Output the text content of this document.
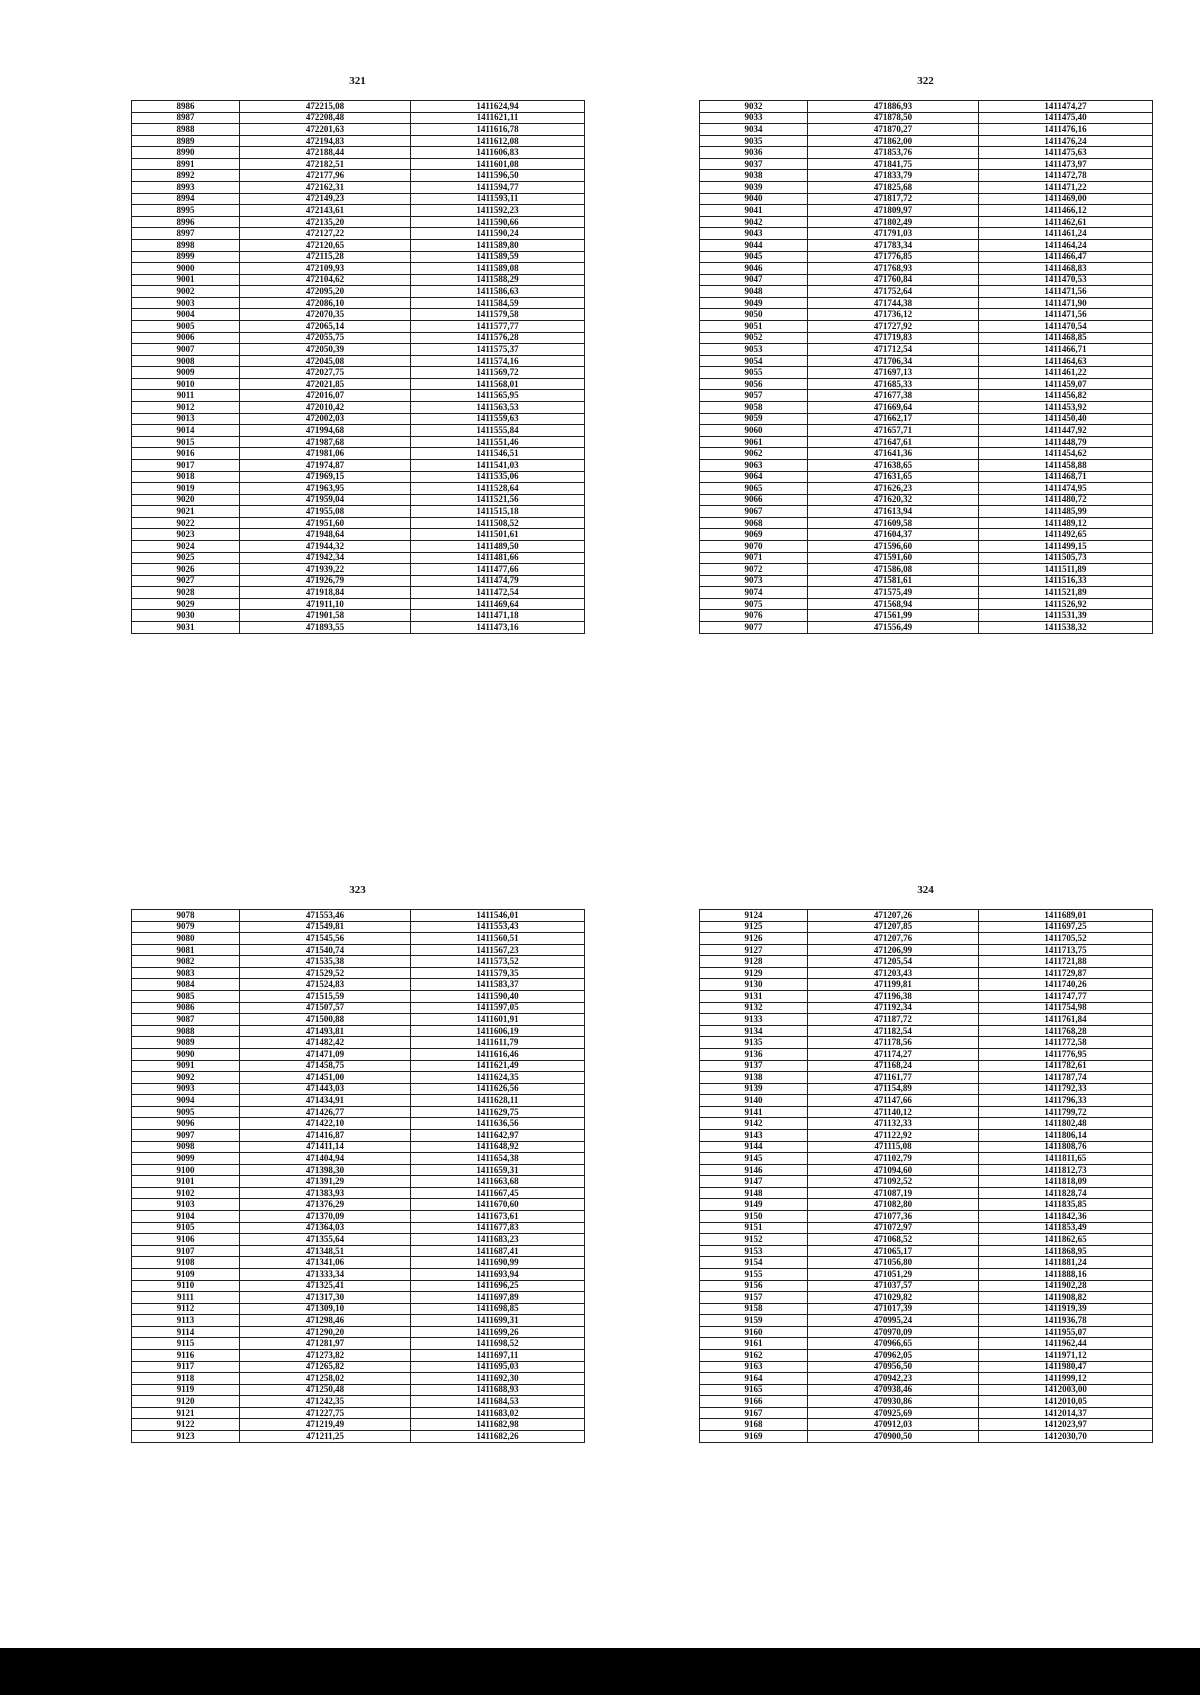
321
8986	472215,08	1411624,94
8987	472208,48	1411621,11
8988	472201,63	1411616,78
8989	472194,83	1411612,08
8990	472188,44	1411606,83
8991	472182,51	1411601,08
8992	472177,96	1411596,50
8993	472162,31	1411594,77
8994	472149,23	1411593,11
8995	472143,61	1411592,23
8996	472135,20	1411590,66
8997	472127,22	1411590,24
8998	472120,65	1411589,80
8999	472115,28	1411589,59
9000	472109,93	1411589,08
9001	472104,62	1411588,29
9002	472095,20	1411586,63
9003	472086,10	1411584,59
9004	472070,35	1411579,58
9005	472065,14	1411577,77
9006	472055,75	1411576,28
9007	472050,39	1411575,37
9008	472045,08	1411574,16
9009	472027,75	1411569,72
9010	472021,85	1411568,01
9011	472016,07	1411565,95
9012	472010,42	1411563,53
9013	472002,03	1411559,63
9014	471994,68	1411555,84
9015	471987,68	1411551,46
9016	471981,06	1411546,51
9017	471974,87	1411541,03
9018	471969,15	1411535,06
9019	471963,95	1411528,64
9020	471959,04	1411521,56
9021	471955,08	1411515,18
9022	471951,60	1411508,52
9023	471948,64	1411501,61
9024	471944,32	1411489,50
9025	471942,34	1411481,66
9026	471939,22	1411477,66
9027	471926,79	1411474,79
9028	471918,84	1411472,54
9029	471911,10	1411469,64
9030	471901,58	1411471,18
9031	471893,55	1411473,16
322
9032	471886,93	1411474,27
9033	471878,50	1411475,40
9034	471870,27	1411476,16
9035	471862,00	1411476,24
9036	471853,76	1411475,63
9037	471841,75	1411473,97
9038	471833,79	1411472,78
9039	471825,68	1411471,22
9040	471817,72	1411469,00
9041	471809,97	1411466,12
9042	471802,49	1411462,61
9043	471791,03	1411461,24
9044	471783,34	1411464,24
9045	471776,85	1411466,47
9046	471768,93	1411468,83
9047	471760,84	1411470,53
9048	471752,64	1411471,56
9049	471744,38	1411471,90
9050	471736,12	1411471,56
9051	471727,92	1411470,54
9052	471719,83	1411468,85
9053	471712,54	1411466,71
9054	471706,34	1411464,63
9055	471697,13	1411461,22
9056	471685,33	1411459,07
9057	471677,38	1411456,82
9058	471669,64	1411453,92
9059	471662,17	1411450,40
9060	471657,71	1411447,92
9061	471647,61	1411448,79
9062	471641,36	1411454,62
9063	471638,65	1411458,88
9064	471631,65	1411468,71
9065	471626,23	1411474,95
9066	471620,32	1411480,72
9067	471613,94	1411485,99
9068	471609,58	1411489,12
9069	471604,37	1411492,65
9070	471596,60	1411499,15
9071	471591,60	1411505,73
9072	471586,08	1411511,89
9073	471581,61	1411516,33
9074	471575,49	1411521,89
9075	471568,94	1411526,92
9076	471561,99	1411531,39
9077	471556,49	1411538,32
323
9078	471553,46	1411546,01
9079	471549,81	1411553,43
9080	471545,56	1411560,51
9081	471540,74	1411567,23
9082	471535,38	1411573,52
9083	471529,52	1411579,35
9084	471524,83	1411583,37
9085	471515,59	1411590,40
9086	471507,57	1411597,05
9087	471500,88	1411601,91
9088	471493,81	1411606,19
9089	471482,42	1411611,79
9090	471471,09	1411616,46
9091	471458,75	1411621,49
9092	471451,00	1411624,35
9093	471443,03	1411626,56
9094	471434,91	1411628,11
9095	471426,77	1411629,75
9096	471422,10	1411636,56
9097	471416,87	1411642,97
9098	471411,14	1411648,92
9099	471404,94	1411654,38
9100	471398,30	1411659,31
9101	471391,29	1411663,68
9102	471383,93	1411667,45
9103	471376,29	1411670,60
9104	471370,09	1411673,61
9105	471364,03	1411677,83
9106	471355,64	1411683,23
9107	471348,51	1411687,41
9108	471341,06	1411690,99
9109	471333,34	1411693,94
9110	471325,41	1411696,25
9111	471317,30	1411697,89
9112	471309,10	1411698,85
9113	471298,46	1411699,31
9114	471290,20	1411699,26
9115	471281,97	1411698,52
9116	471273,82	1411697,11
9117	471265,82	1411695,03
9118	471258,02	1411692,30
9119	471250,48	1411688,93
9120	471242,35	1411684,53
9121	471227,75	1411683,02
9122	471219,49	1411682,98
9123	471211,25	1411682,26
324
9124	471207,26	1411689,01
9125	471207,85	1411697,25
9126	471207,76	1411705,52
9127	471206,99	1411713,75
9128	471205,54	1411721,88
9129	471203,43	1411729,87
9130	471199,81	1411740,26
9131	471196,38	1411747,77
9132	471192,34	1411754,98
9133	471187,72	1411761,84
9134	471182,54	1411768,28
9135	471178,56	1411772,58
9136	471174,27	1411776,95
9137	471168,24	1411782,61
9138	471161,77	1411787,74
9139	471154,89	1411792,33
9140	471147,66	1411796,33
9141	471140,12	1411799,72
9142	471132,33	1411802,48
9143	471122,92	1411806,14
9144	471115,08	1411808,76
9145	471102,79	1411811,65
9146	471094,60	1411812,73
9147	471092,52	1411818,09
9148	471087,19	1411828,74
9149	471082,80	1411835,85
9150	471077,36	1411842,36
9151	471072,97	1411853,49
9152	471068,52	1411862,65
9153	471065,17	1411868,95
9154	471056,80	1411881,24
9155	471051,29	1411888,16
9156	471037,57	1411902,28
9157	471029,82	1411908,82
9158	471017,39	1411919,39
9159	470995,24	1411936,78
9160	470970,09	1411955,07
9161	470966,65	1411962,44
9162	470962,05	1411971,12
9163	470956,50	1411980,47
9164	470942,23	1411999,12
9165	470938,46	1412003,00
9166	470930,86	1412010,05
9167	470925,69	1412014,37
9168	470912,03	1412023,97
9169	470900,50	1412030,70
